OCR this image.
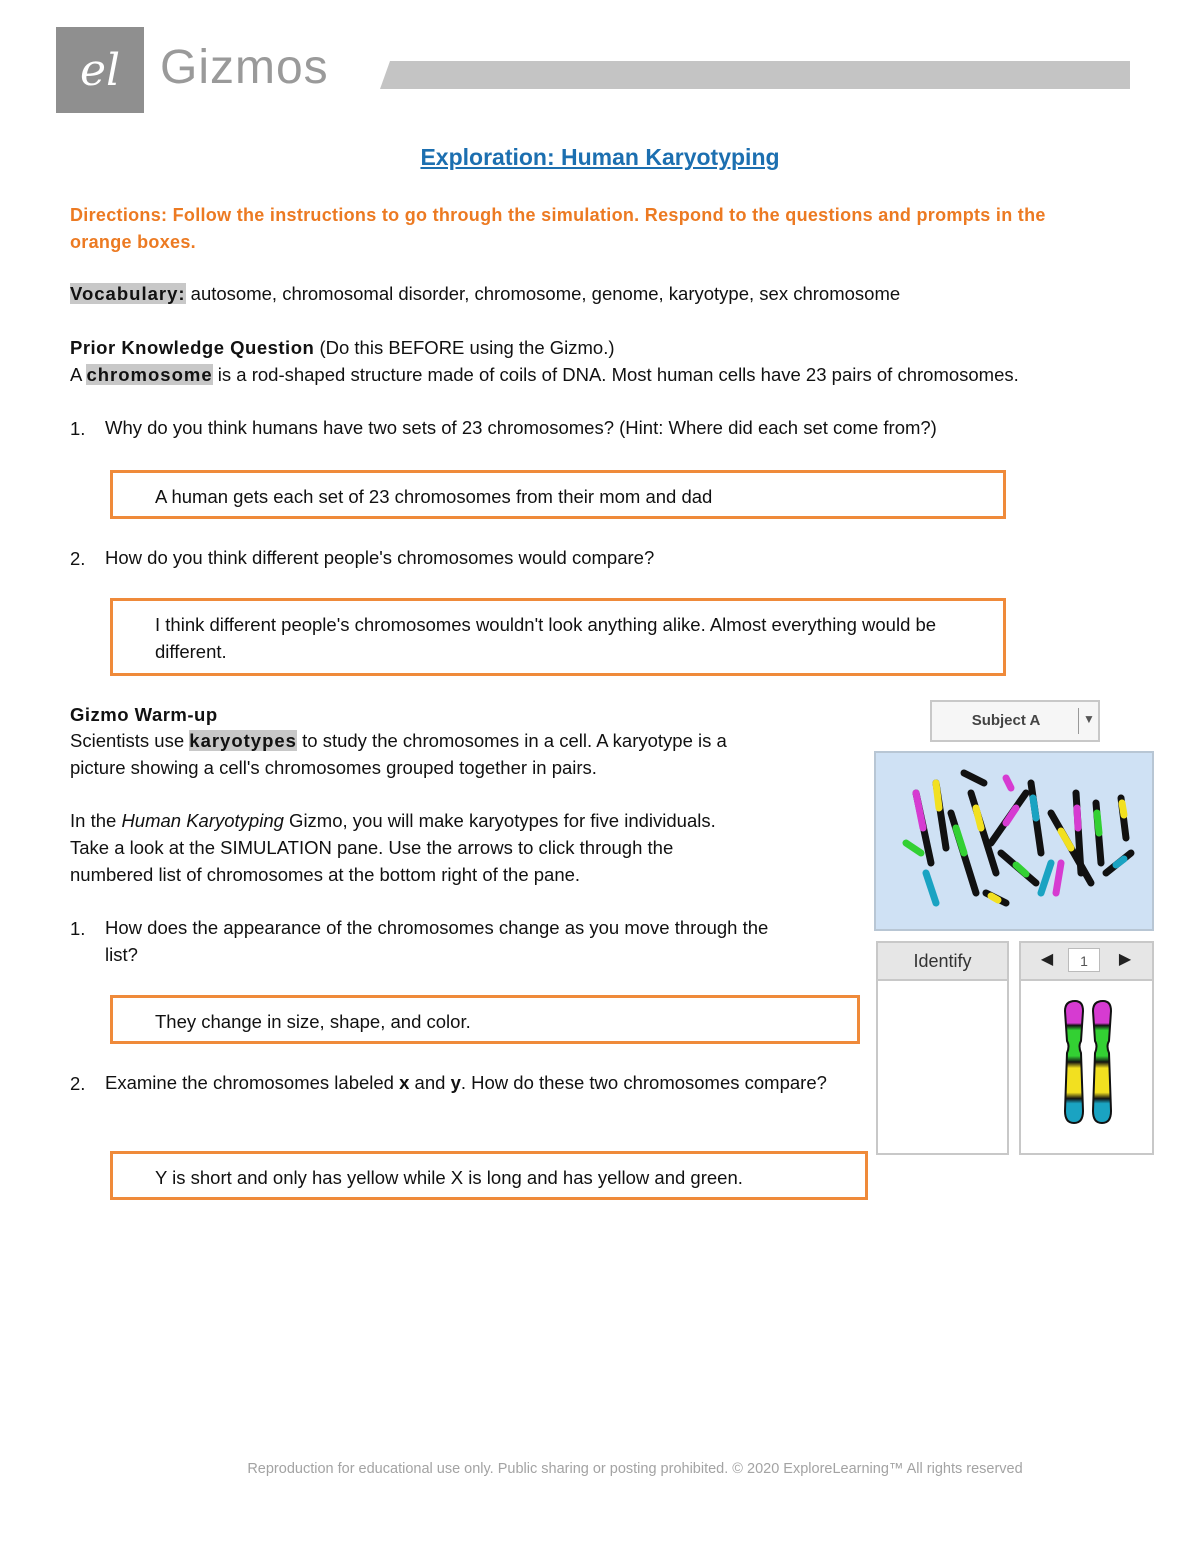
el Gizmos
Exploration: Human Karyotyping
Directions: Follow the instructions to go through the simulation. Respond to the questions and prompts in the orange boxes.
Vocabulary: autosome, chromosomal disorder, chromosome, genome, karyotype, sex chromosome
Prior Knowledge Question (Do this BEFORE using the Gizmo.)
A chromosome is a rod-shaped structure made of coils of DNA. Most human cells have 23 pairs of chromosomes.
1. Why do you think humans have two sets of 23 chromosomes? (Hint: Where did each set come from?)
A human gets each set of 23 chromosomes from their mom and dad
2. How do you think different people's chromosomes would compare?
I think different people's chromosomes wouldn't look anything alike. Almost everything would be different.
Gizmo Warm-up
Scientists use karyotypes to study the chromosomes in a cell. A karyotype is a
picture showing a cell's chromosomes grouped together in pairs.
In the Human Karyotyping Gizmo, you will make karyotypes for five individuals.
Take a look at the SIMULATION pane. Use the arrows to click through the
numbered list of chromosomes at the bottom right of the pane.
1. How does the appearance of the chromosomes change as you move through the list?
They change in size, shape, and color.
2. Examine the chromosomes labeled x and y. How do these two chromosomes compare?
Y is short and only has yellow while X is long and has yellow and green.
Subject A	▼
Identify	◀	1	▶
Reproduction for educational use only. Public sharing or posting prohibited. © 2020 ExploreLearning™ All rights reserved
